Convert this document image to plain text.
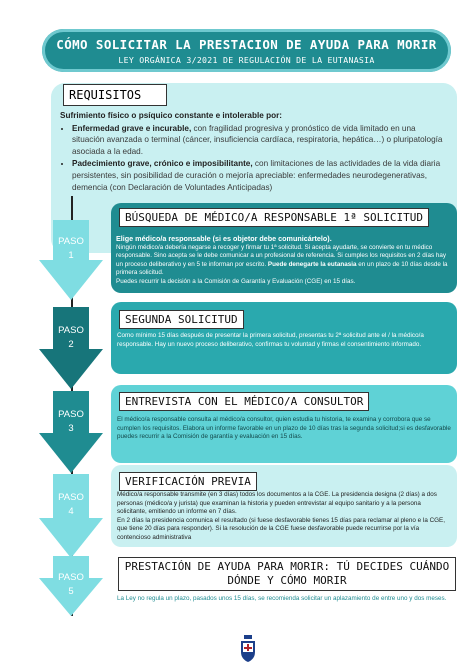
CÓMO SOLICITAR LA PRESTACION DE AYUDA PARA MORIR
LEY ORGÁNICA 3/2021 DE REGULACIÓN DE LA EUTANASIA
REQUISITOS
Sufrimiento físico o psíquico constante e intolerable por:
• Enfermedad grave e incurable, con fragilidad progresiva y pronóstico de vida limitado en una situación avanzada o terminal (cáncer, insuficiencia cardíaca, respiratoria, hepática…) o pluripatología asociada a la edad.
• Padecimiento grave, crónico e imposibilitante, con limitaciones de las actividades de la vida diaria persistentes, sin posibilidad de curación o mejoría apreciable: enfermedades neurodegenerativas, demencia (con Declaración de Voluntades Anticipadas)
PASO
1
BÚSQUEDA DE MÉDICO/A RESPONSABLE 1ª SOLICITUD
Elige médico/a responsable (si es objetor debe comunicártelo).
Ningún médico/a debería negarse a recoger y firmar tu 1ª solicitud. Si acepta ayudarte, se convierte en tu médico responsable. Sino acepta se le debe comunicar a un profesional de referencia. Si cumples los requisitos en 2 días hay un proceso deliberativo y en 5 te informan por escrito. Puede denegarte la eutanasia en un plazo de 10 días desde la primera solicitud.
Puedes recurrir la decisión a la Comisión de Garantía y Evaluación (CGE) en 15 días.
PASO
2
SEGUNDA SOLICITUD
Como mínimo 15 días después de presentar la primera solicitud, presentas tu 2ª solicitud ante el / la médico/a responsable. Hay un nuevo proceso deliberativo, confirmas tu voluntad y firmas el consentimiento informado.
PASO
3
ENTREVISTA CON EL MÉDICO/A CONSULTOR
El médico/a responsable consulta al médico/a consultor, quien estudia tu historia, te examina y corrobora que se cumplen los requisitos. Elabora un informe favorable en un plazo de 10 días tras la segunda solicitud;si es desfavorable puedes recurrir a la Comisión de garantía y evaluación en 15 días.
PASO
4
VERIFICACIÓN PREVIA
Médico/a responsable transmite (en 3 días) todos los documentos a la CGE. La presidencia designa (2 días) a dos personas (médico/a y jurista) que examinan la historia y pueden entrevistar al equipo sanitario y a la persona solicitante, emitiendo un informe en 7 días.
En 2 días la presidencia comunica el resultado (si fuese desfavorable tienes 15 días para reclamar al pleno e la CGE, que tiene 20 días para responder). Si la resolución de la CGE fuese desfavorable puede recurrirse por la vía contencioso administrativa
PASO
5
PRESTACIÓN DE AYUDA PARA MORIR: TÚ DECIDES CUÁNDO DÓNDE Y CÓMO MORIR
La Ley no regula un plazo, pasados unos 15 días, se recomienda solicitar un aplazamiento de entre uno y dos meses.
